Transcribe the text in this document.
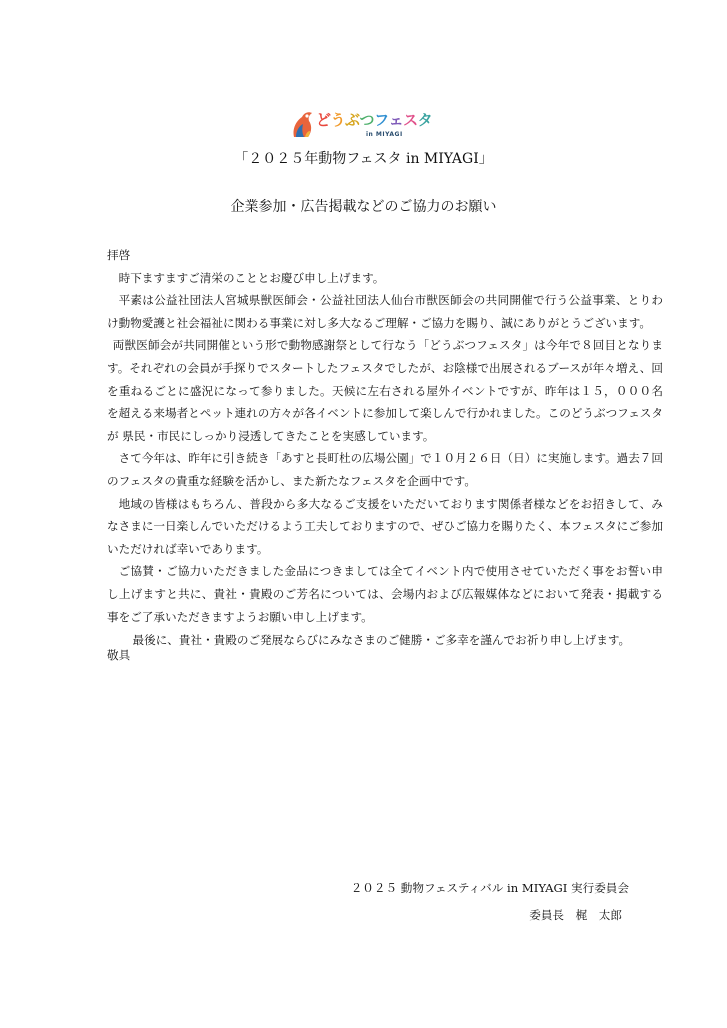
どうぶつフェスタ
in MIYAGI
「２０２５年動物フェスタ in MIYAGI」
企業参加・広告掲載などのご協力のお願い

拝啓

時下ますますご清栄のこととお慶び申し上げます。

平素は公益社団法人宮城県獣医師会・公益社団法人仙台市獣医師会の共同開催で行う公益事業、とりわけ動物愛護と社会福祉に関わる事業に対し多大なるご理解・ご協力を賜り、誠にありがとうございます。

両獣医師会が共同開催という形で動物感謝祭として行なう「どうぶつフェスタ」は今年で８回目となります。それぞれの会員が手探りでスタートしたフェスタでしたが、お陰様で出展されるブースが年々増え、回を重ねるごとに盛況になって参りました。天候に左右される屋外イベントですが、昨年は１５，０００名を超える来場者とペット連れの方々が各イベントに参加して楽しんで行かれました。このどうぶつフェスタが 県民・市民にしっかり浸透してきたことを実感しています。

さて今年は、昨年に引き続き「あすと長町杜の広場公園」で１０月２６日（日）に実施します。過去７回のフェスタの貴重な経験を活かし、また新たなフェスタを企画中です。

地域の皆様はもちろん、普段から多大なるご支援をいただいております関係者様などをお招きして、みなさまに一日楽しんでいただけるよう工夫しておりますので、ぜひご協力を賜りたく、本フェスタにご参加いただければ幸いであります。

ご協賛・ご協力いただきました金品につきましては全てイベント内で使用させていただく事をお誓い申し上げますと共に、貴社・貴殿のご芳名については、会場内および広報媒体などにおいて発表・掲載する事をご了承いただきますようお願い申し上げます。

最後に、貴社・貴殿のご発展ならびにみなさまのご健勝・ご多幸を謹んでお祈り申し上げます。

敬具

２０２５ 動物フェスティバル in MIYAGI 実行委員会
委員長　梶　太郎
